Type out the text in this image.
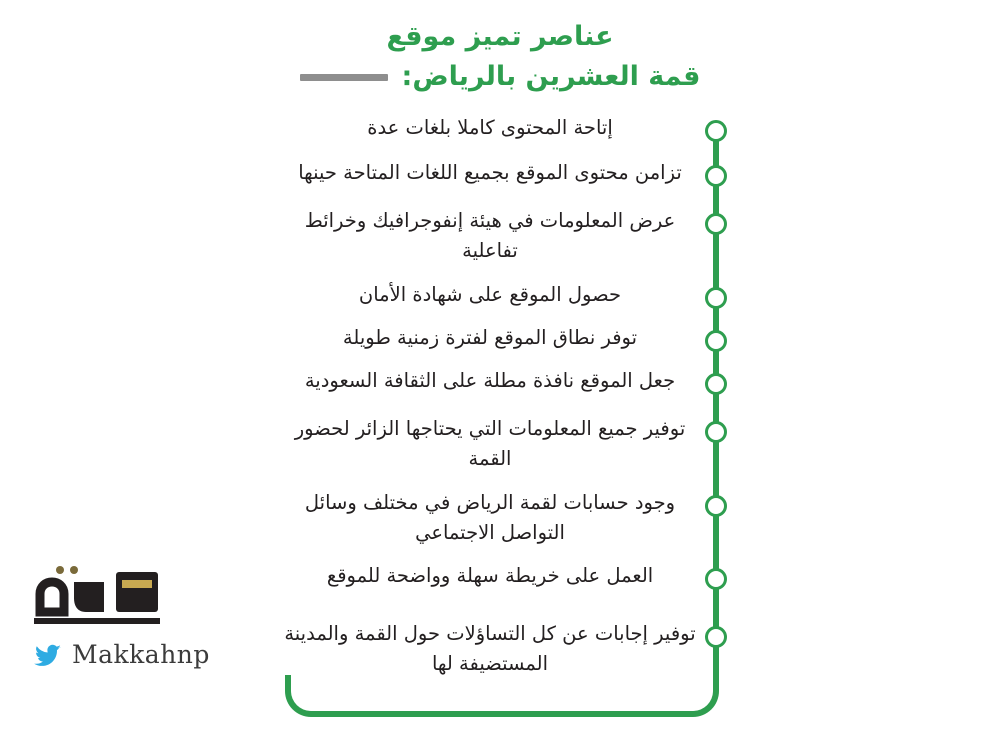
عناصر تميز موقع
قمة العشرين بالرياض:
إتاحة المحتوى كاملا بلغات عدة
تزامن محتوى الموقع بجميع اللغات المتاحة حينها
عرض المعلومات في هيئة إنفوجرافيك وخرائط تفاعلية
حصول الموقع على شهادة الأمان
توفر نطاق الموقع لفترة زمنية طويلة
جعل الموقع نافذة مطلة على الثقافة السعودية
توفير جميع المعلومات التي يحتاجها الزائر لحضور القمة
وجود حسابات لقمة الرياض في مختلف وسائل التواصل الاجتماعي
العمل على خريطة سهلة وواضحة للموقع
توفير إجابات عن كل التساؤلات حول القمة والمدينة المستضيفة لها
Makkahnp
